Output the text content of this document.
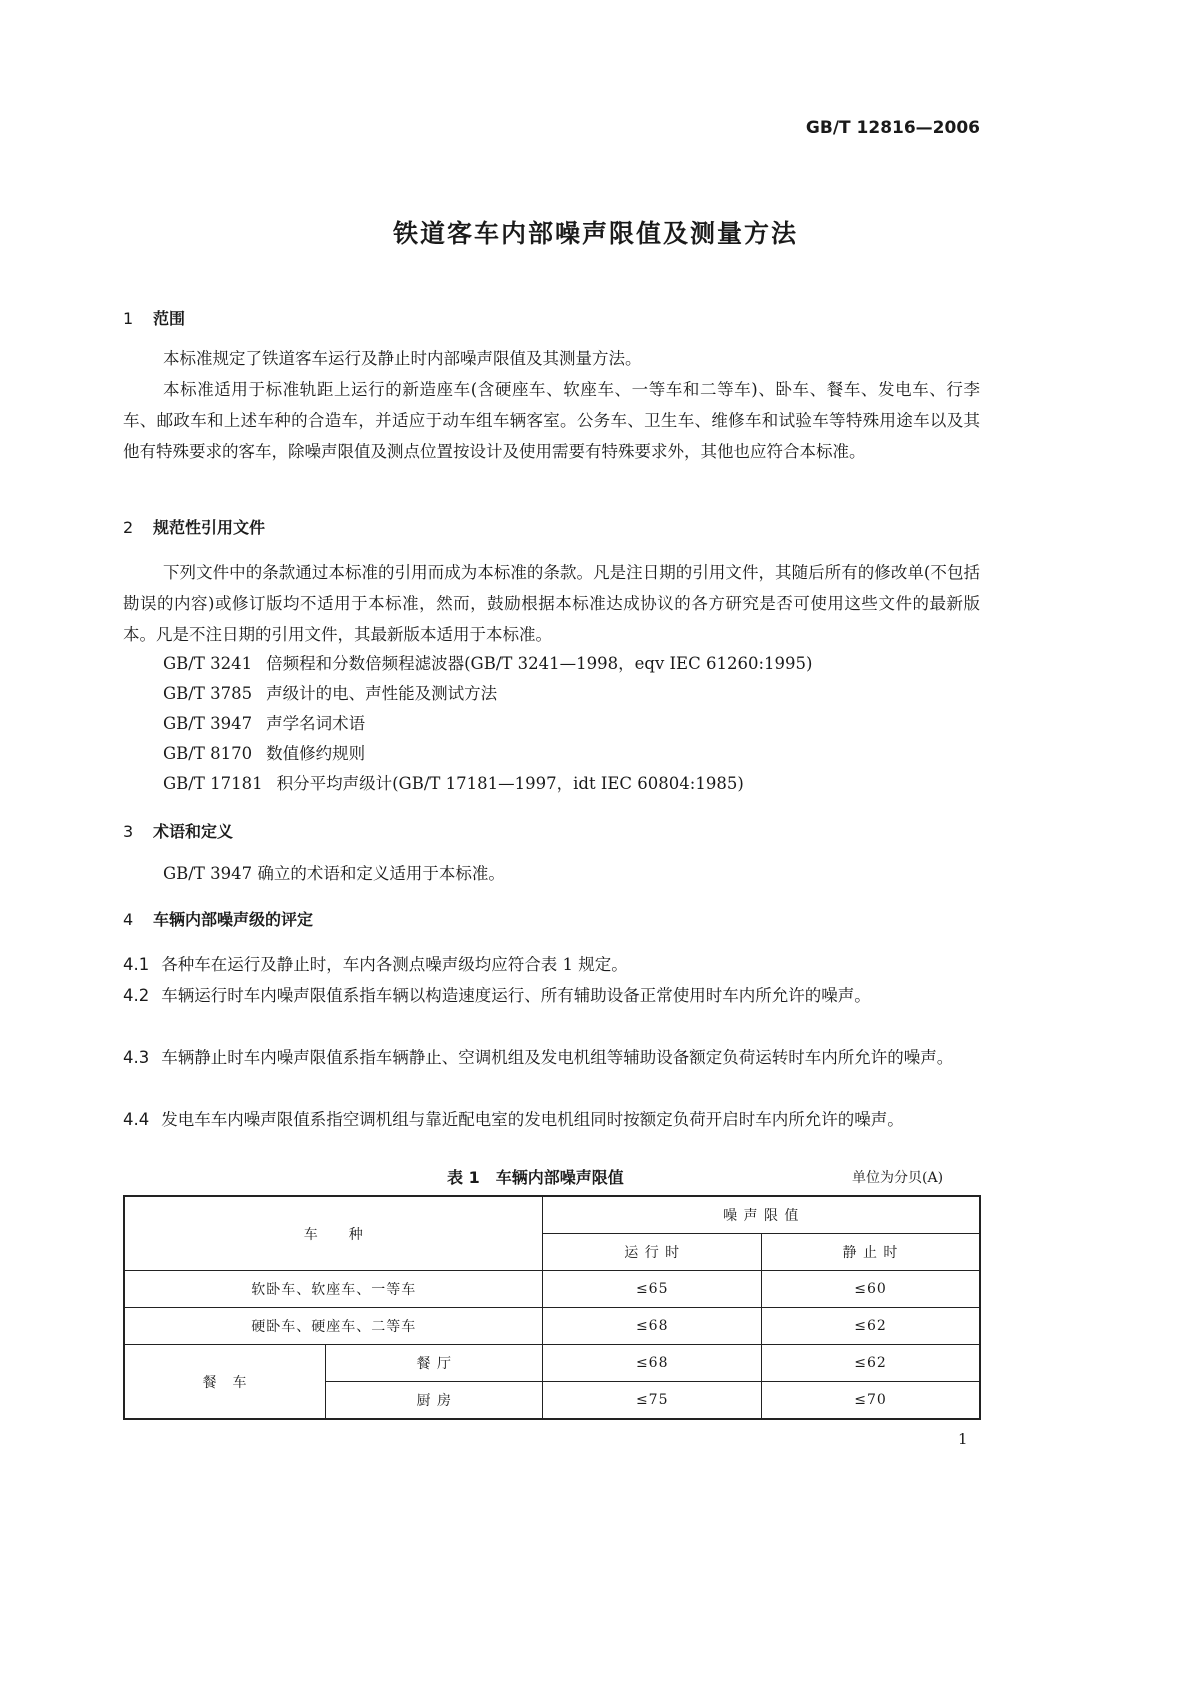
GB/T 12816—2006
铁道客车内部噪声限值及测量方法
1 范围
本标准规定了铁道客车运行及静止时内部噪声限值及其测量方法。
本标准适用于标准轨距上运行的新造座车(含硬座车、软座车、一等车和二等车)、卧车、餐车、发电车、行李车、邮政车和上述车种的合造车，并适应于动车组车辆客室。公务车、卫生车、维修车和试验车等特殊用途车以及其他有特殊要求的客车，除噪声限值及测点位置按设计及使用需要有特殊要求外，其他也应符合本标准。
2 规范性引用文件
下列文件中的条款通过本标准的引用而成为本标准的条款。凡是注日期的引用文件，其随后所有的修改单(不包括勘误的内容)或修订版均不适用于本标准，然而，鼓励根据本标准达成协议的各方研究是否可使用这些文件的最新版本。凡是不注日期的引用文件，其最新版本适用于本标准。
GB/T 3241 倍频程和分数倍频程滤波器(GB/T 3241—1998，eqv IEC 61260:1995)
GB/T 3785 声级计的电、声性能及测试方法
GB/T 3947 声学名词术语
GB/T 8170 数值修约规则
GB/T 17181 积分平均声级计(GB/T 17181—1997，idt IEC 60804:1985)
3 术语和定义
GB/T 3947 确立的术语和定义适用于本标准。
4 车辆内部噪声级的评定
4.1 各种车在运行及静止时，车内各测点噪声级均应符合表 1 规定。
4.2 车辆运行时车内噪声限值系指车辆以构造速度运行、所有辅助设备正常使用时车内所允许的噪声。
4.3 车辆静止时车内噪声限值系指车辆静止、空调机组及发电机组等辅助设备额定负荷运转时车内所允许的噪声。
4.4 发电车车内噪声限值系指空调机组与靠近配电室的发电机组同时按额定负荷开启时车内所允许的噪声。
表 1　车辆内部噪声限值	单位为分贝(A)
车　　种		噪 声 限 值	
		运 行 时	静 止 时
软卧车、软座车、一等车		≤65	≤60
硬卧车、硬座车、二等车		≤68	≤62
餐　车	餐 厅	≤68	≤62
	厨 房	≤75	≤70
1
